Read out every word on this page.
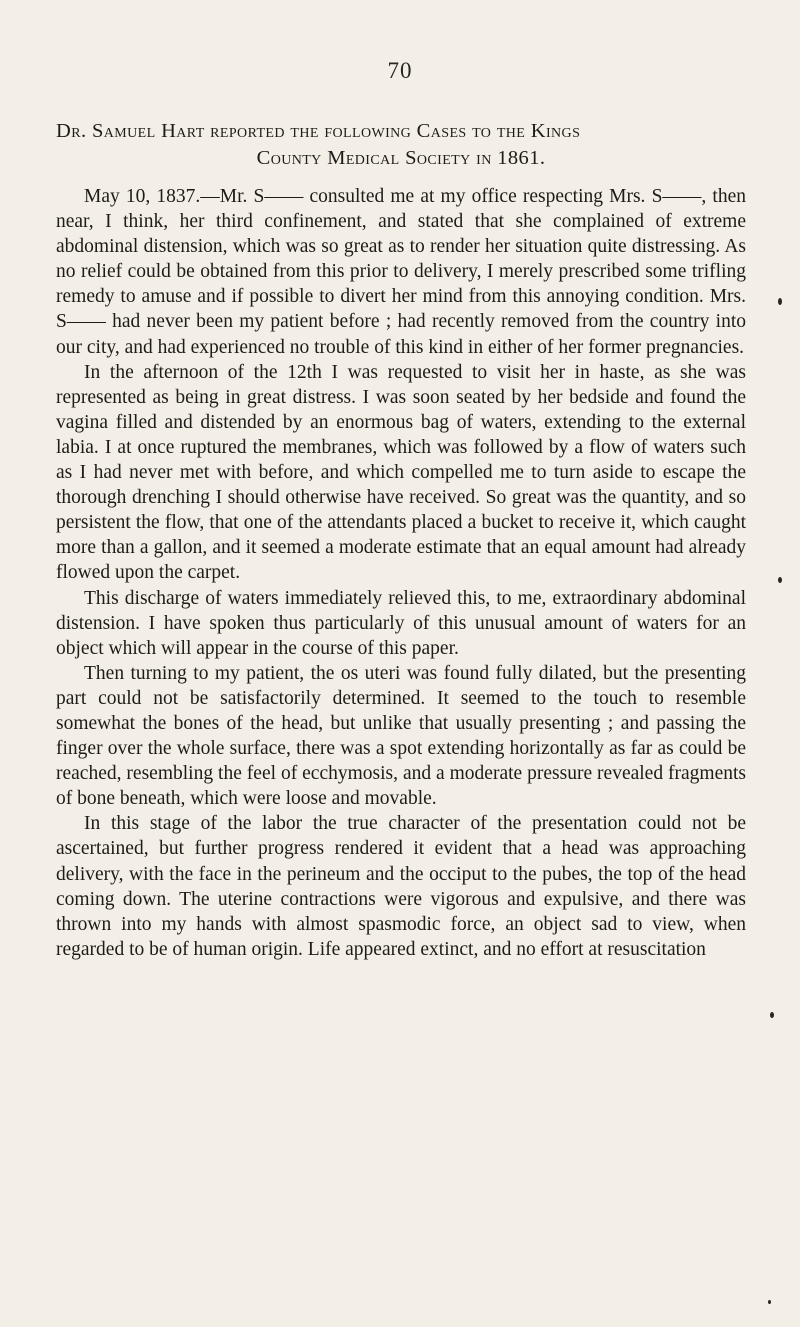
70
Dr. Samuel Hart reported the following Cases to the Kings
County Medical Society in 1861.

May 10, 1837.—Mr. S—— consulted me at my office respecting Mrs. S——, then near, I think, her third confinement, and stated that she complained of extreme abdominal distension, which was so great as to render her situation quite distressing. As no relief could be obtained from this prior to delivery, I merely prescribed some trifling remedy to amuse and if possible to divert her mind from this annoying condition. Mrs. S—— had never been my patient before ; had recently removed from the country into our city, and had experienced no trouble of this kind in either of her former pregnancies.

In the afternoon of the 12th I was requested to visit her in haste, as she was represented as being in great distress. I was soon seated by her bedside and found the vagina filled and distended by an enormous bag of waters, extending to the external labia. I at once ruptured the membranes, which was followed by a flow of waters such as I had never met with before, and which compelled me to turn aside to escape the thorough drenching I should otherwise have received. So great was the quantity, and so persistent the flow, that one of the attendants placed a bucket to receive it, which caught more than a gallon, and it seemed a moderate estimate that an equal amount had already flowed upon the carpet.

This discharge of waters immediately relieved this, to me, extraordinary abdominal distension. I have spoken thus particularly of this unusual amount of waters for an object which will appear in the course of this paper.

Then turning to my patient, the os uteri was found fully dilated, but the presenting part could not be satisfactorily determined. It seemed to the touch to resemble somewhat the bones of the head, but unlike that usually presenting ; and passing the finger over the whole surface, there was a spot extending horizontally as far as could be reached, resembling the feel of ecchymosis, and a moderate pressure revealed fragments of bone beneath, which were loose and movable.

In this stage of the labor the true character of the presentation could not be ascertained, but further progress rendered it evident that a head was approaching delivery, with the face in the perineum and the occiput to the pubes, the top of the head coming down. The uterine contractions were vigorous and expulsive, and there was thrown into my hands with almost spasmodic force, an object sad to view, when regarded to be of human origin. Life appeared extinct, and no effort at resuscitation
